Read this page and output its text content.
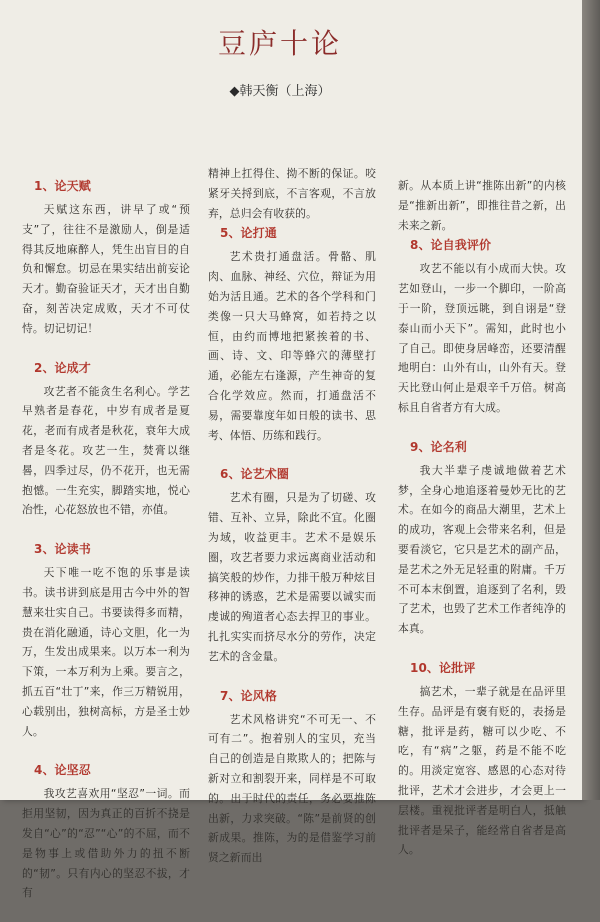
豆庐十论
◆韩天衡（上海）
1、论天赋

天赋这东西，讲早了或“预支”了，往往不是激励人，倒是适得其反地麻醉人，凭生出盲目的自负和懈怠。切忌在果实结出前妄论天才。勤奋验证天才，天才出自勤奋，刻苦决定成败，天才不可仗恃。切记切记！

2、论成才

攻艺者不能贪生名利心。学艺早熟者是春花，中岁有成者是夏花，老而有成者是秋花，衰年大成者是冬花。攻艺一生，焚膏以继晷，四季过尽，仍不花开，也无需抱憾。一生充实，脚踏实地，悦心冶性，心花怒放也不错，亦值。

3、论读书

天下唯一吃不饱的乐事是读书。读书讲到底是用古今中外的智慧来壮实自己。书要读得多而精，贵在消化融通，诗心文胆，化一为万，生发出成果来。以万本一利为下策，一本万利为上乘。要言之，抓五百“壮丁”来，作三万精锐用，心载别出，独树高标，方是圣士妙人。

4、论坚忍

我攻艺喜欢用“坚忍”一词。而拒用坚韧，因为真正的百折不挠是发自“心”的“忍”“心”的不屈，而不是物事上或借助外力的扭不断的“韧”。只有内心的坚忍不拔，才有

精神上扛得住、拗不断的保证。咬紧牙关捋到底，不言客观，不言放弃，总归会有收获的。

5、论打通

艺术贵打通盘活。骨骼、肌肉、血脉、神经、穴位，辩证为用始为活且通。艺术的各个学科和门类像一只大马蜂窝，如若持之以恒，由约而博地把紧挨着的书、画、诗、文、印等蜂穴的薄壁打通，必能左右逢源，产生神奇的复合化学效应。然而，打通盘活不易，需要靠度年如日般的读书、思考、体悟、历练和践行。

6、论艺术圈

艺术有圈，只是为了切磋、攻错、互补、立异，除此不宜。化圈为域，收益更丰。艺术不是娱乐圈，攻艺者要力求远离商业活动和搞笑般的炒作，力排干般万种炫目移神的诱惑，艺术是需要以诚实而虔诚的殉道者心态去捍卫的事业。扎扎实实而挤尽水分的劳作，决定艺术的含金量。

7、论风格

艺术风格讲究“不可无一、不可有二”。抱着别人的宝贝，充当自己的创造是自欺欺人的；把陈与新对立和割裂开来，同样是不可取的。出于时代的责任，务必要推陈出新，力求突破。“陈”是前贤的创新成果。推陈，为的是借鉴学习前贤之新而出

新。从本质上讲“推陈出新”的内核是“推新出新”，即推往昔之新，出未来之新。

8、论自我评价

攻艺不能以有小成而大快。攻艺如登山，一步一个脚印，一阶高于一阶，登顶远眺，到自诩是“登泰山而小天下”。需知，此时也小了自己。即使身居峰峦，还要清醒地明白：山外有山，山外有天。登天比登山何止是艰辛千万倍。树高标且自省者方有大成。

9、论名利

我大半辈子虔诚地做着艺术梦，全身心地追逐着曼妙无比的艺术。在如今的商品大潮里，艺术上的成功，客观上会带来名利，但是要看淡它，它只是艺术的副产品，是艺术之外无足轻重的附庸。千万不可本末倒置，追逐到了名利，毁了艺术，也毁了艺术工作者纯净的本真。

10、论批评

搞艺术，一辈子就是在品评里生存。品评是有褒有贬的，表扬是糖，批评是药，糖可以少吃、不吃，有“病”之躯，药是不能不吃的。用淡定宽容、感恩的心态对待批评，艺术才会进步，才会更上一层楼。重视批评者是明白人，抵触批评者是呆子，能经常自省者是高人。
